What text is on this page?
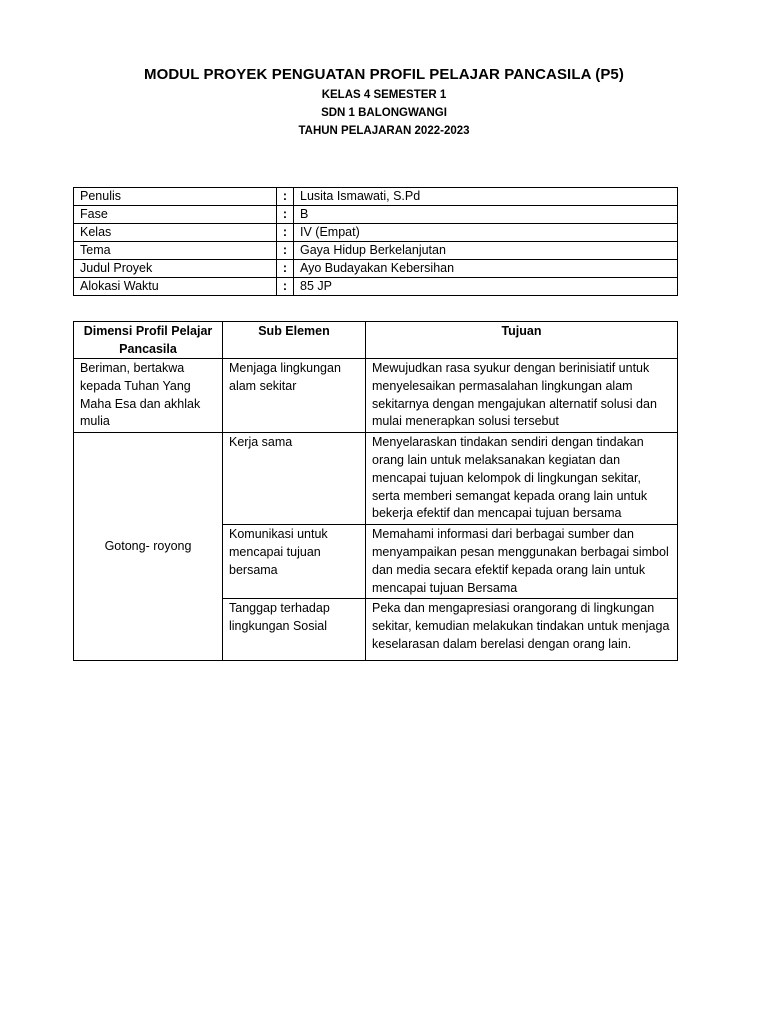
MODUL PROYEK PENGUATAN PROFIL PELAJAR PANCASILA (P5)
KELAS 4 SEMESTER 1
SDN 1 BALONGWANGI
TAHUN PELAJARAN 2022-2023
Penulis	:	Lusita Ismawati, S.Pd
Fase	:	B
Kelas	:	IV (Empat)
Tema	:	Gaya Hidup Berkelanjutan
Judul Proyek	:	Ayo Budayakan Kebersihan
Alokasi Waktu	:	85 JP
Dimensi Profil Pelajar Pancasila	Sub Elemen	Tujuan
Beriman, bertakwa kepada Tuhan Yang Maha Esa dan akhlak mulia	Menjaga lingkungan alam sekitar	Mewujudkan rasa syukur dengan berinisiatif untuk menyelesaikan permasalahan lingkungan alam sekitarnya dengan mengajukan alternatif solusi dan mulai menerapkan solusi tersebut
Gotong- royong	Kerja sama	Menyelaraskan tindakan sendiri dengan tindakan orang lain untuk melaksanakan kegiatan dan mencapai tujuan kelompok di lingkungan sekitar, serta memberi semangat kepada orang lain untuk bekerja efektif dan mencapai tujuan bersama
	Komunikasi untuk mencapai tujuan bersama	Memahami informasi dari berbagai sumber dan menyampaikan pesan menggunakan berbagai simbol dan media secara efektif kepada orang lain untuk mencapai tujuan Bersama
	Tanggap terhadap lingkungan Sosial	Peka dan mengapresiasi orangorang di lingkungan sekitar, kemudian melakukan tindakan untuk menjaga keselarasan dalam berelasi dengan orang lain.
